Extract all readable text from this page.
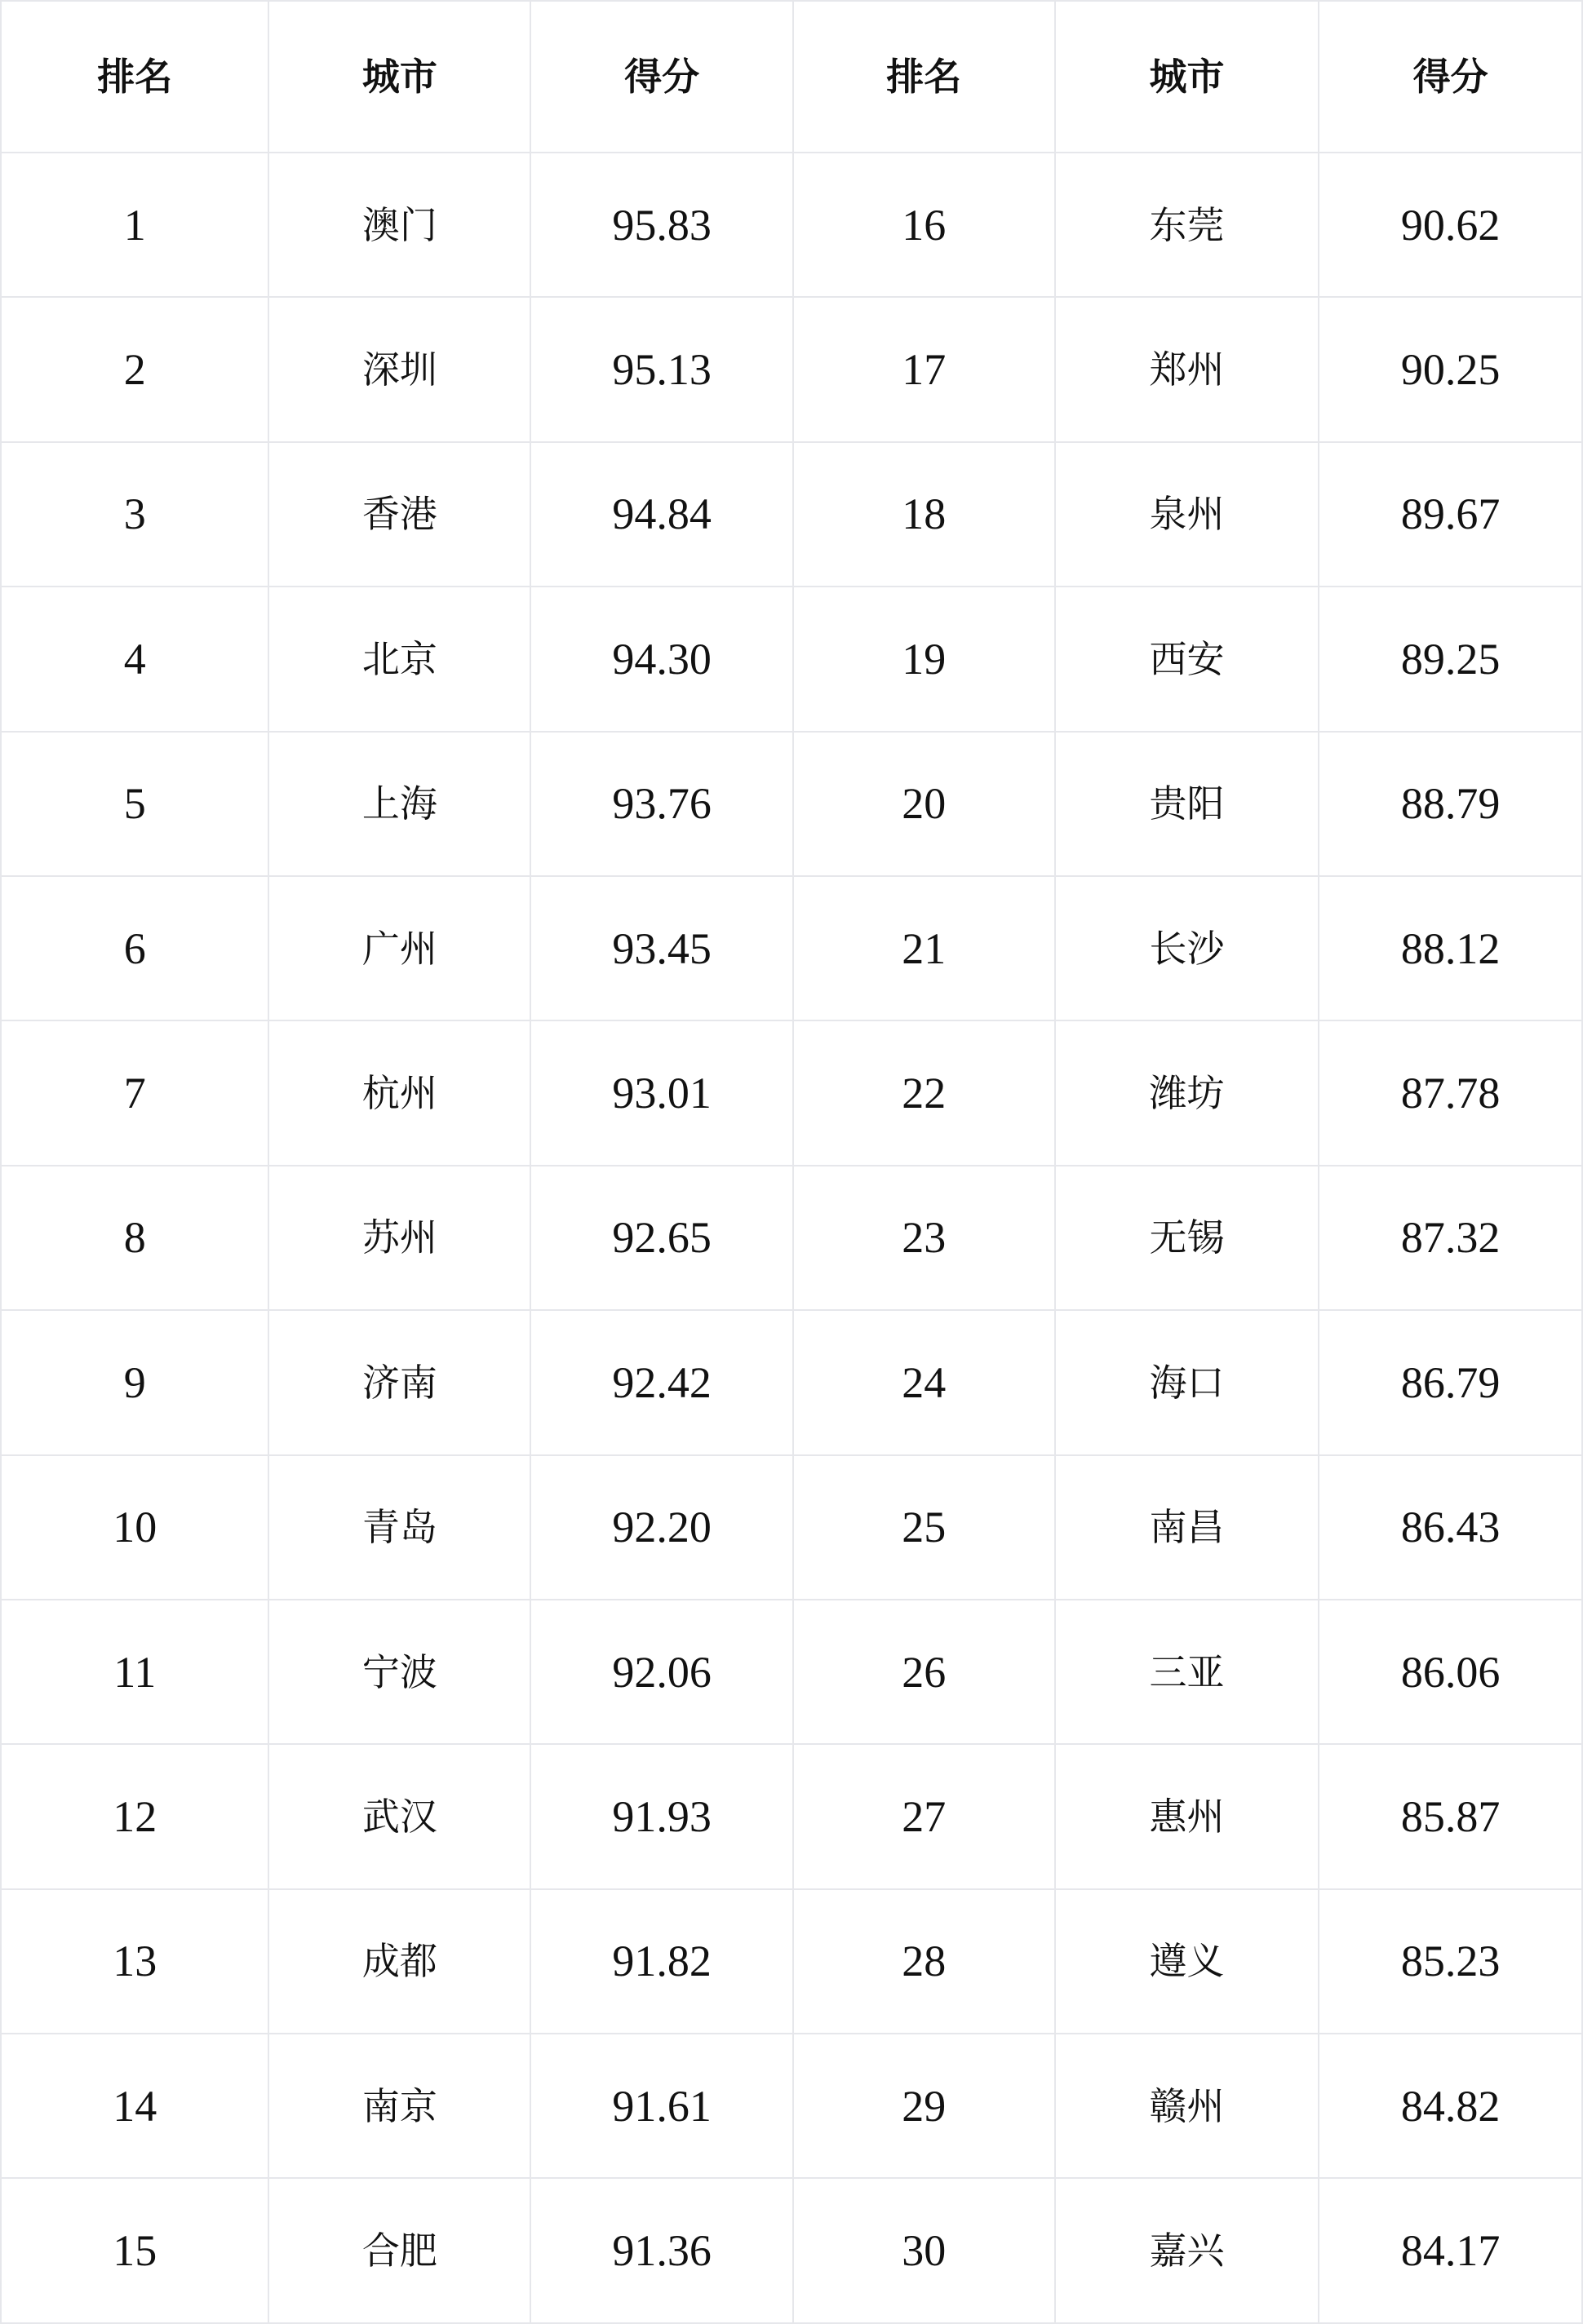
排名	城市	得分	排名	城市	得分
1	澳门	95.83	16	东莞	90.62
2	深圳	95.13	17	郑州	90.25
3	香港	94.84	18	泉州	89.67
4	北京	94.30	19	西安	89.25
5	上海	93.76	20	贵阳	88.79
6	广州	93.45	21	长沙	88.12
7	杭州	93.01	22	潍坊	87.78
8	苏州	92.65	23	无锡	87.32
9	济南	92.42	24	海口	86.79
10	青岛	92.20	25	南昌	86.43
11	宁波	92.06	26	三亚	86.06
12	武汉	91.93	27	惠州	85.87
13	成都	91.82	28	遵义	85.23
14	南京	91.61	29	赣州	84.82
15	合肥	91.36	30	嘉兴	84.17
